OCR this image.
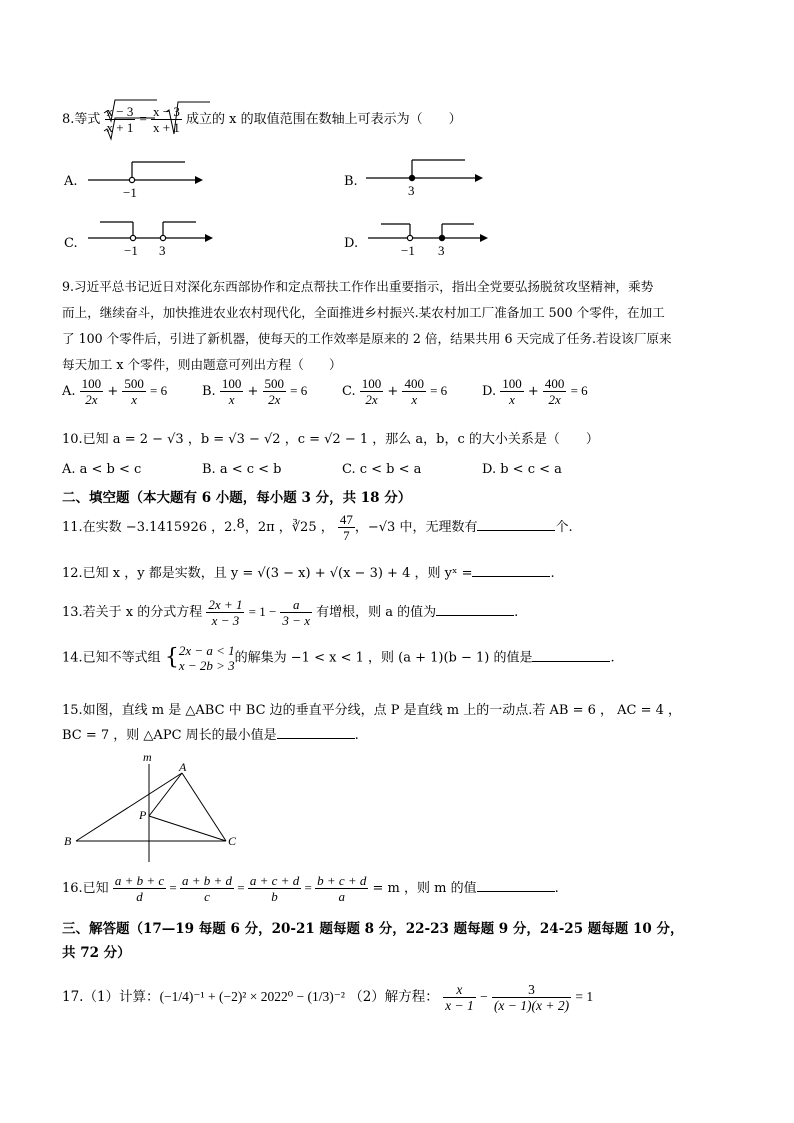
8.等式 $\frac{x - 3}{x + 1} = \frac{x - 3}{x + 1}$ 成立的 x 的取值范围在数轴上可表示为（　　）
A.
−1
B.
3
C.	−1 3	D.	−1 3
9.习近平总书记近日对深化东西部协作和定点帮扶工作作出重要指示，指出全党要弘扬脱贫攻坚精神，乘势
而上，继续奋斗，加快推进农业农村现代化，全面推进乡村振兴.某农村加工厂准备加工 500 个零件，在加工
了 100 个零件后，引进了新机器，使每天的工作效率是原来的 2 倍，结果共用 6 天完成了任务.若设该厂原来
每天加工 x 个零件，则由题意可列出方程（　　）
A. $\frac{100}{2x} + \frac{500}{x} = 6$	B. $\frac{100}{x} + \frac{500}{2x} = 6$	C. $\frac{100}{2x} + \frac{400}{x} = 6$	D. $\frac{100}{x} + \frac{400}{2x} = 6$
10.已知 a = 2 − √3 ，b = √3 − √2 ，c = √2 − 1 ，那么 a，b，c 的大小关系是（　　）
A. a < b < c	B. a < c < b	C. c < b < a	D. b < c < a
二、填空题（本大题有 6 小题，每小题 3 分，共 18 分）
11.在实数 −3.1415926 ，2.8，2π ，∛25 ， $\frac{47}{7}$ ，−√3 中，无理数有	个.
12.已知 x ，y 都是实数，且 y = √(3 − x) + √(x − 3) + 4 ，则 yˣ =	.
13.若关于 x 的分式方程 $\frac{2x + 1}{x - 3} = 1 - \frac{a}{3 - x}$ 有增根，则 a 的值为	.
14.已知不等式组 { 2x − a < 1
x − 2b > 3 的解集为 −1 < x < 1 ，则 (a + 1)(b − 1) 的值是	.
15.如图，直线 m 是 △ABC 中 BC 边的垂直平分线，点 P 是直线 m 上的一动点.若 AB = 6 ， AC = 4 ，
BC = 7 ，则 △APC 周长的最小值是	.
m
A
P
B	C
16.已知 $\frac{a + b + c}{d} = \frac{a + b + d}{c} = \frac{a + c + d}{b} = \frac{b + c + d}{a} = m$ ，则 m 的值	.
三、解答题（17—19 每题 6 分，20-21 题每题 8 分，22-23 题每题 9 分，24-25 题每题 10 分，
共 72 分）
17.（1）计算：(−1/4)⁻¹ + (−2)² × 2022⁰ − (1/3)⁻² （2）解方程： $\frac{x}{x - 1} - \frac{3}{(x - 1)(x + 2)} = 1$
